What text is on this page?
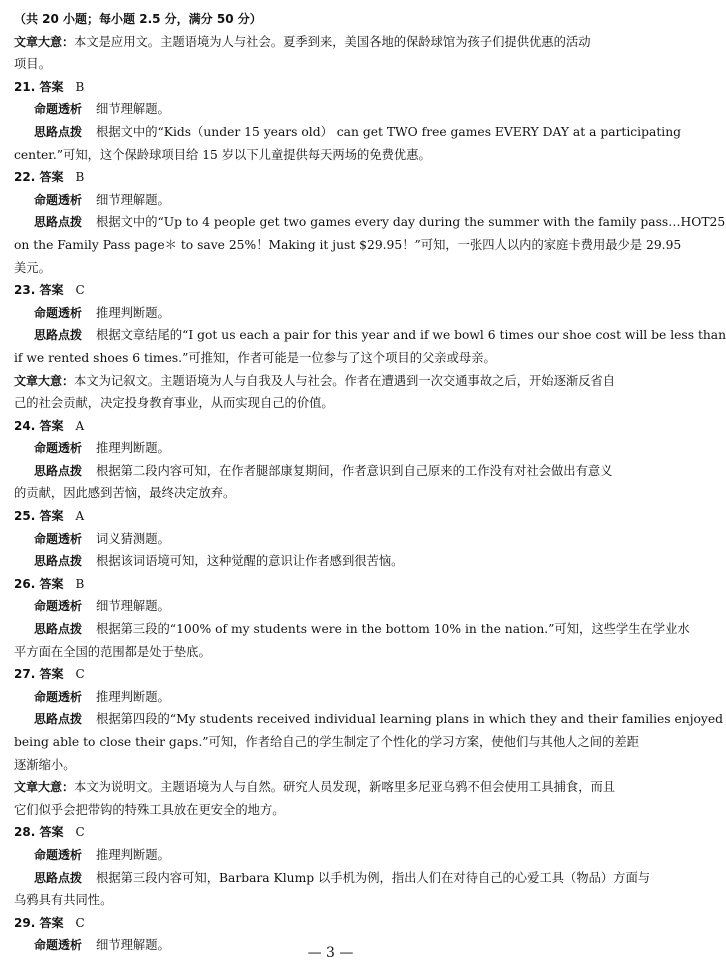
（共 20 小题；每小题 2.5 分，满分 50 分）
文章大意：本文是应用文。主题语境为人与社会。夏季到来，美国各地的保龄球馆为孩子们提供优惠的活动
项目。
21. 答案 B
命题透析 细节理解题。
思路点拨 根据文中的“Kids（under 15 years old） can get TWO free games EVERY DAY at a participating
center.”可知，这个保龄球项目给 15 岁以下儿童提供每天两场的免费优惠。
22. 答案 B
命题透析 细节理解题。
思路点拨 根据文中的“Up to 4 people get two games every day during the summer with the family pass…HOT25
on the Family Pass page＊ to save 25%！Making it just $29.95！”可知，一张四人以内的家庭卡费用最少是 29.95
美元。
23. 答案 C
命题透析 推理判断题。
思路点拨 根据文章结尾的“I got us each a pair for this year and if we bowl 6 times our shoe cost will be less than
if we rented shoes 6 times.”可推知，作者可能是一位参与了这个项目的父亲或母亲。
文章大意：本文为记叙文。主题语境为人与自我及人与社会。作者在遭遇到一次交通事故之后，开始逐渐反省自
己的社会贡献，决定投身教育事业，从而实现自己的价值。
24. 答案 A
命题透析 推理判断题。
思路点拨 根据第二段内容可知，在作者腿部康复期间，作者意识到自己原来的工作没有对社会做出有意义
的贡献，因此感到苦恼，最终决定放弃。
25. 答案 A
命题透析 词义猜测题。
思路点拨 根据该词语境可知，这种觉醒的意识让作者感到很苦恼。
26. 答案 B
命题透析 细节理解题。
思路点拨 根据第三段的“100% of my students were in the bottom 10% in the nation.”可知，这些学生在学业水
平方面在全国的范围都是处于垫底。
27. 答案 C
命题透析 推理判断题。
思路点拨 根据第四段的“My students received individual learning plans in which they and their families enjoyed
being able to close their gaps.”可知，作者给自己的学生制定了个性化的学习方案，使他们与其他人之间的差距
逐渐缩小。
文章大意：本文为说明文。主题语境为人与自然。研究人员发现，新喀里多尼亚乌鸦不但会使用工具捕食，而且
它们似乎会把带钩的特殊工具放在更安全的地方。
28. 答案 C
命题透析 推理判断题。
思路点拨 根据第三段内容可知，Barbara Klump 以手机为例，指出人们在对待自己的心爱工具（物品）方面与
乌鸦具有共同性。
29. 答案 C
命题透析 细节理解题。	— 3 —
